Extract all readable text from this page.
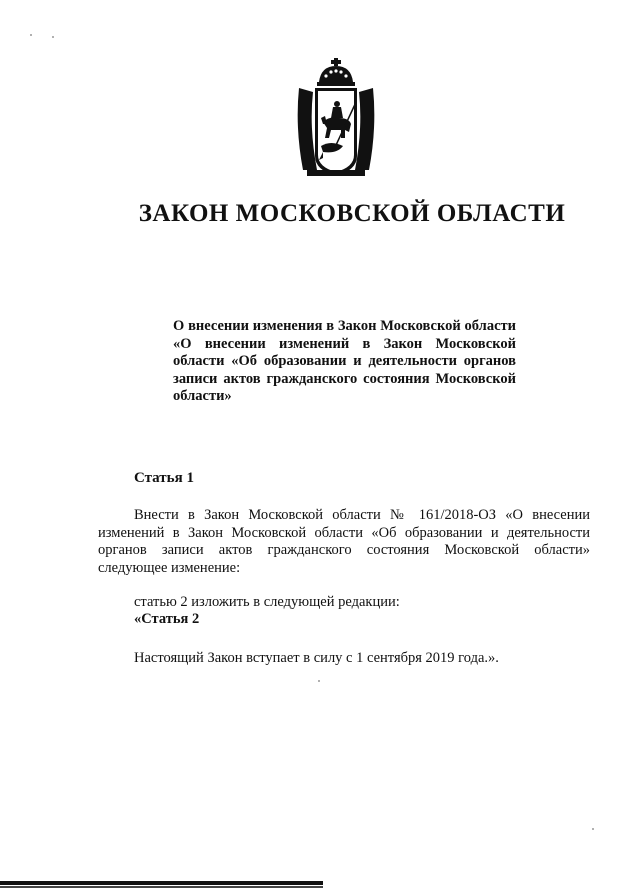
ЗАКОН МОСКОВСКОЙ ОБЛАСТИ
О внесении изменения в Закон Московской области «О внесении изменений в Закон Московской области «Об образовании и деятельности органов записи актов гражданского состояния Московской области»
Статья 1
Внести в Закон Московской области № 161/2018-ОЗ «О внесении изменений в Закон Московской области «Об образовании и деятельности органов записи актов гражданского состояния Московской области» следующее изменение:
статью 2 изложить в следующей редакции:
«Статья 2
Настоящий Закон вступает в силу с 1 сентября 2019 года.».
